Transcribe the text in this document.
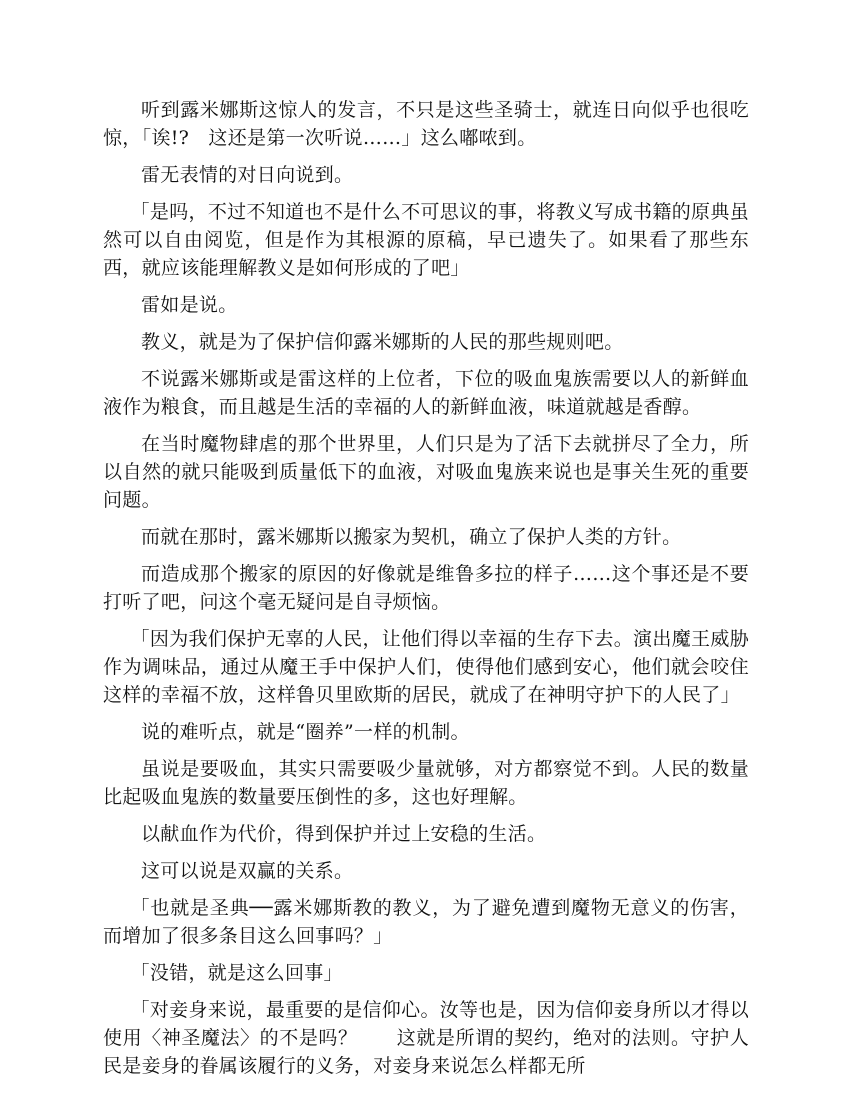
听到露米娜斯这惊人的发言，不只是这些圣骑士，就连日向似乎也很吃惊，「诶!?　这还是第一次听说……」这么嘟哝到。

雷无表情的对日向说到。

「是吗，不过不知道也不是什么不可思议的事，将教义写成书籍的原典虽然可以自由阅览，但是作为其根源的原稿，早已遗失了。如果看了那些东西，就应该能理解教义是如何形成的了吧」

雷如是说。

教义，就是为了保护信仰露米娜斯的人民的那些规则吧。

不说露米娜斯或是雷这样的上位者，下位的吸血鬼族需要以人的新鲜血液作为粮食，而且越是生活的幸福的人的新鲜血液，味道就越是香醇。

在当时魔物肆虐的那个世界里，人们只是为了活下去就拼尽了全力，所以自然的就只能吸到质量低下的血液，对吸血鬼族来说也是事关生死的重要问题。

而就在那时，露米娜斯以搬家为契机，确立了保护人类的方针。

而造成那个搬家的原因的好像就是维鲁多拉的样子……这个事还是不要打听了吧，问这个毫无疑问是自寻烦恼。

「因为我们保护无辜的人民，让他们得以幸福的生存下去。演出魔王威胁作为调味品，通过从魔王手中保护人们，使得他们感到安心，他们就会咬住这样的幸福不放，这样鲁贝里欧斯的居民，就成了在神明守护下的人民了」

说的难听点，就是“圈养”一样的机制。

虽说是要吸血，其实只需要吸少量就够，对方都察觉不到。人民的数量比起吸血鬼族的数量要压倒性的多，这也好理解。

以献血作为代价，得到保护并过上安稳的生活。

这可以说是双赢的关系。

「也就是圣典──露米娜斯教的教义，为了避免遭到魔物无意义的伤害，而增加了很多条目这么回事吗？」

「没错，就是这么回事」

「对妾身来说，最重要的是信仰心。汝等也是，因为信仰妾身所以才得以使用〈神圣魔法〉的不是吗？　　这就是所谓的契约，绝对的法则。守护人民是妾身的眷属该履行的义务，对妾身来说怎么样都无所
